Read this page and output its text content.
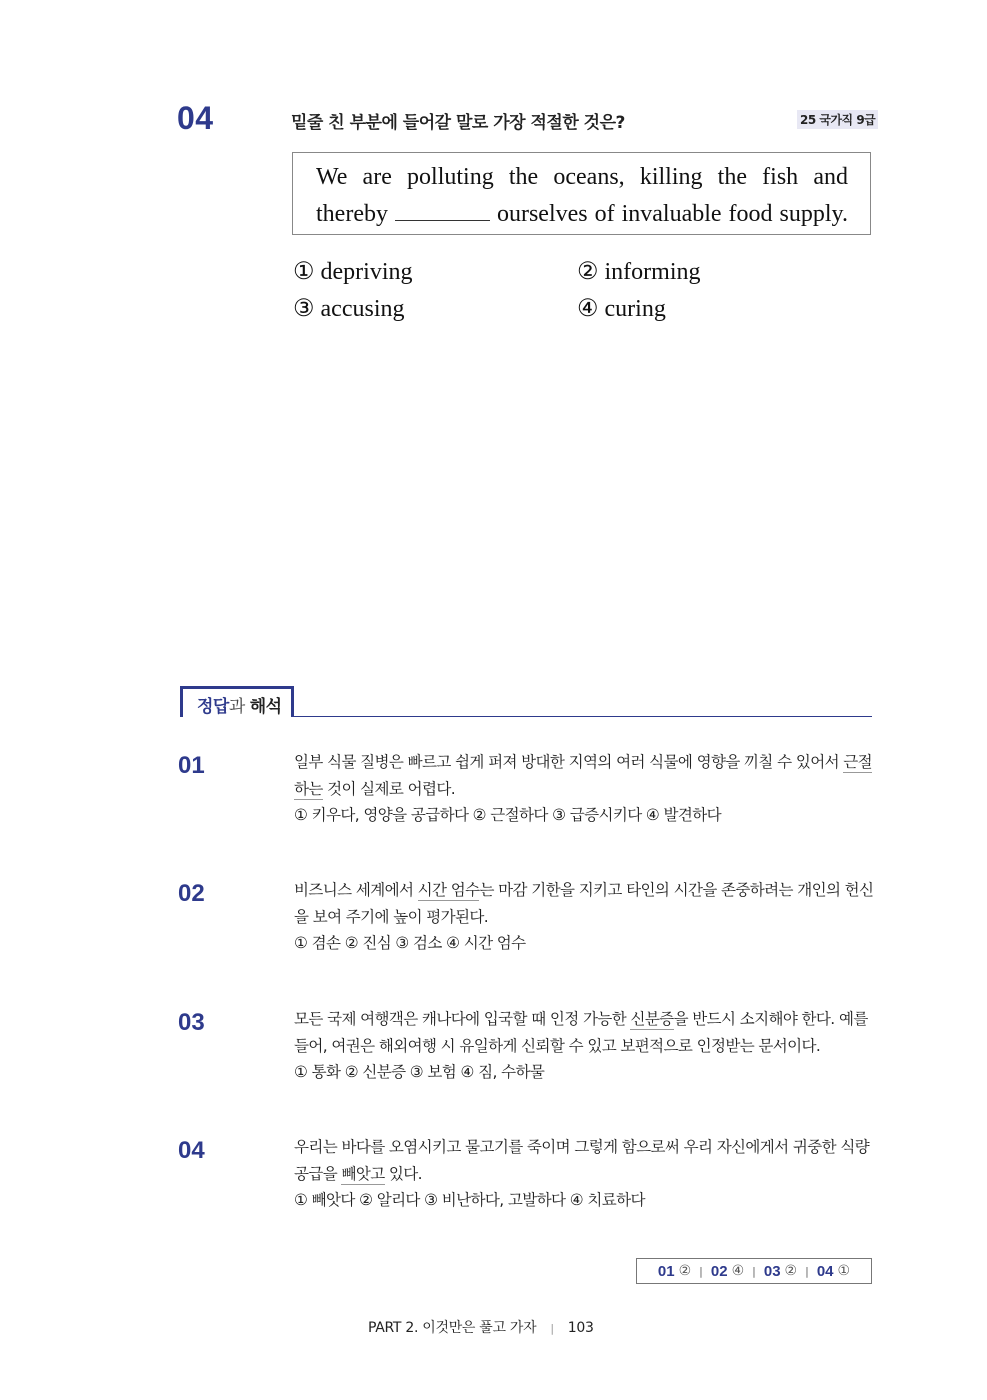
04	밑줄 친 부분에 들어갈 말로 가장 적절한 것은?	25 국가직 9급
We are polluting the oceans, killing the fish and
thereby	ourselves of invaluable food supply.
① depriving	② informing
③ accusing	④ curing
정답과 해석
01	일부 식물 질병은 빠르고 쉽게 퍼져 방대한 지역의 여러 식물에 영향을 끼칠 수 있어서 근절하는 것이 실제로 어렵다.
① 키우다, 영양을 공급하다 ② 근절하다 ③ 급증시키다 ④ 발견하다
02	비즈니스 세계에서 시간 엄수는 마감 기한을 지키고 타인의 시간을 존중하려는 개인의 헌신을 보여 주기에 높이 평가된다.
① 겸손 ② 진심 ③ 검소 ④ 시간 엄수
03	모든 국제 여행객은 캐나다에 입국할 때 인정 가능한 신분증을 반드시 소지해야 한다. 예를 들어, 여권은 해외여행 시 유일하게 신뢰할 수 있고 보편적으로 인정받는 문서이다.
① 통화 ② 신분증 ③ 보험 ④ 짐, 수하물
04	우리는 바다를 오염시키고 물고기를 죽이며 그렇게 함으로써 우리 자신에게서 귀중한 식량 공급을 빼앗고 있다.
① 빼앗다 ② 알리다 ③ 비난하다, 고발하다 ④ 치료하다
01 ② | 02 ④ | 03 ② | 04 ①
PART 2. 이것만은 풀고 가자 | 103
